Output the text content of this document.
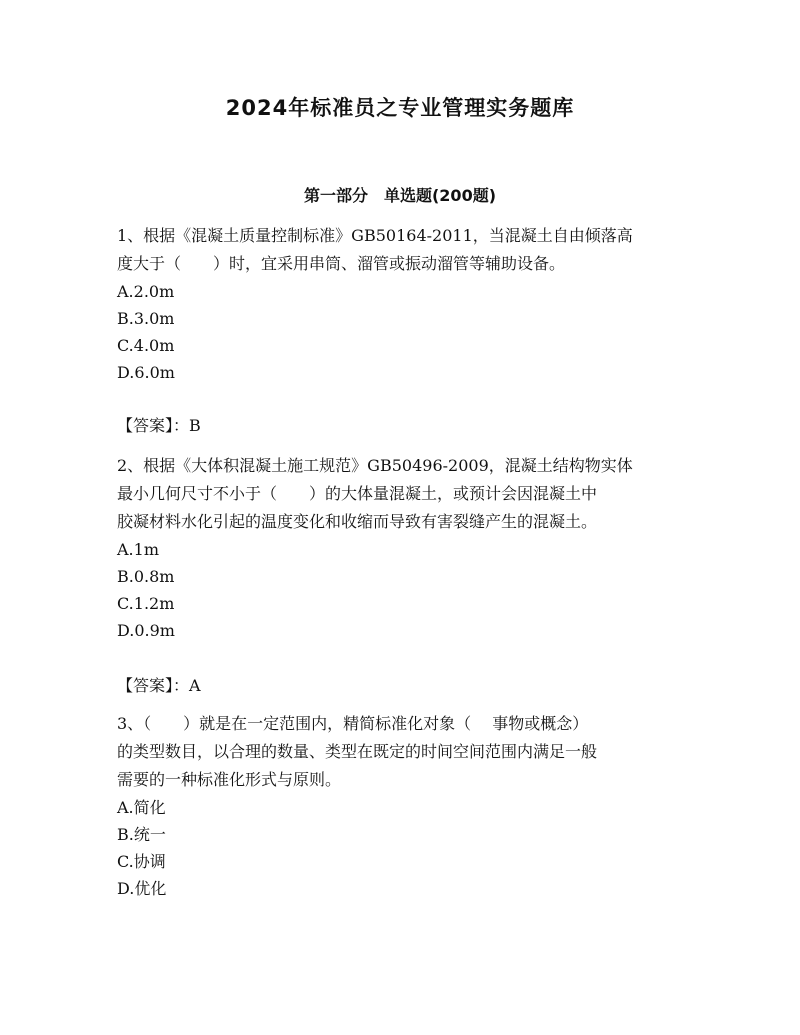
2024年标准员之专业管理实务题库
第一部分　单选题(200题)

1、根据《混凝土质量控制标准》GB50164-2011，当混凝土自由倾落高

度大于（　　）时，宜采用串筒、溜管或振动溜管等辅助设备。

A.2.0m

B.3.0m

C.4.0m

D.6.0m

【答案】：B

2、根据《大体积混凝土施工规范》GB50496-2009，混凝土结构物实体

最小几何尺寸不小于（　　）的大体量混凝土，或预计会因混凝土中

胶凝材料水化引起的温度变化和收缩而导致有害裂缝产生的混凝土。

A.1m

B.0.8m

C.1.2m

D.0.9m

【答案】：A

3、（　　）就是在一定范围内，精简标准化对象（　 事物或概念）

的类型数目，以合理的数量、类型在既定的时间空间范围内满足一般

需要的一种标准化形式与原则。

A.简化

B.统一

C.协调

D.优化
